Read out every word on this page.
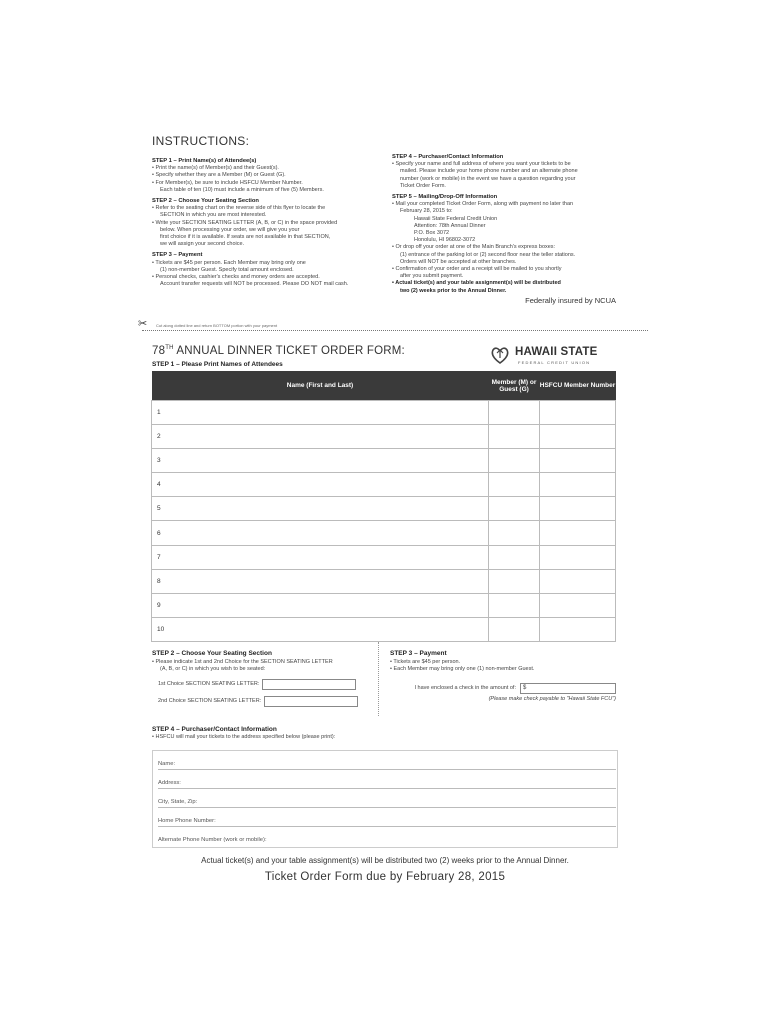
INSTRUCTIONS:
STEP 1 – Print Name(s) of Attendee(s)

• Print the name(s) of Member(s) and their Guest(s).

• Specify whether they are a Member (M) or Guest (G).

• For Member(s), be sure to include HSFCU Member Number.

Each table of ten (10) must include a minimum of five (5) Members.

STEP 2 – Choose Your Seating Section

• Refer to the seating chart on the reverse side of this flyer to locate the

SECTION in which you are most interested.

• Write your SECTION SEATING LETTER (A, B, or C) in the space provided

below. When processing your order, we will give you your

first choice if it is available. If seats are not available in that SECTION,

we will assign your second choice.

STEP 3 – Payment

• Tickets are $45 per person. Each Member may bring only one

(1) non-member Guest. Specify total amount enclosed.

• Personal checks, cashier's checks and money orders are accepted.

Account transfer requests will NOT be processed. Please DO NOT mail cash.

STEP 4 – Purchaser/Contact Information

• Specify your name and full address of where you want your tickets to be

mailed. Please include your home phone number and an alternate phone

number (work or mobile) in the event we have a question regarding your

Ticket Order Form.

STEP 5 – Mailing/Drop-Off Information

• Mail your completed Ticket Order Form, along with payment no later than

February 28, 2015 to:

Hawaii State Federal Credit Union

Attention: 78th Annual Dinner

P.O. Box 3072

Honolulu, HI 96802-3072

• Or drop off your order at one of the Main Branch's express boxes:

(1) entrance of the parking lot or (2) second floor near the teller stations.

Orders will NOT be accepted at other branches.

• Confirmation of your order and a receipt will be mailed to you shortly

after you submit payment.

• Actual ticket(s) and your table assignment(s) will be distributed

two (2) weeks prior to the Annual Dinner.

Federally insured by NCUA
✂ Cut along dotted line and return BOTTOM portion with your payment
78TH ANNUAL DINNER TICKET ORDER FORM:
STEP 1 – Please Print Names of Attendees
HAWAII STATE
FEDERAL CREDIT UNION
Name (First and Last)	Member (M) or Guest (G)	HSFCU Member Number
1		
2		
3		
4		
5		
6		
7		
8		
9		
10		
STEP 2 – Choose Your Seating Section

• Please indicate 1st and 2nd Choice for the SECTION SEATING LETTER

(A, B, or C) in which you wish to be seated:

1st Choice SECTION SEATING LETTER:
2nd Choice SECTION SEATING LETTER:
STEP 3 – Payment

• Tickets are $45 per person.

• Each Member may bring only one (1) non-member Guest.

I have enclosed a check in the amount of:	$

(Please make check payable to "Hawaii State FCU")

STEP 4 – Purchaser/Contact Information

• HSFCU will mail your tickets to the address specified below (please print):

Name:
Address:
City, State, Zip:
Home Phone Number:
Alternate Phone Number (work or mobile):
Actual ticket(s) and your table assignment(s) will be distributed two (2) weeks prior to the Annual Dinner.
Ticket Order Form due by February 28, 2015
